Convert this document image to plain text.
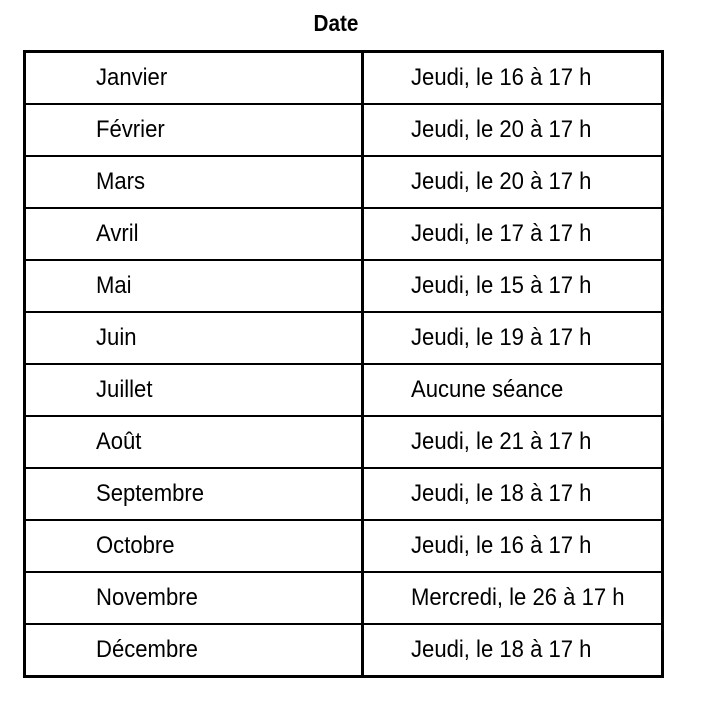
Date
Janvier	Jeudi, le 16 à 17 h
Février	Jeudi, le 20 à 17 h
Mars	Jeudi, le 20 à 17 h
Avril	Jeudi, le 17 à 17 h
Mai	Jeudi, le 15 à 17 h
Juin	Jeudi, le 19 à 17 h
Juillet	Aucune séance
Août	Jeudi, le 21 à 17 h
Septembre	Jeudi, le 18 à 17 h
Octobre	Jeudi, le 16 à 17 h
Novembre	Mercredi, le 26 à 17 h
Décembre	Jeudi, le 18 à 17 h
